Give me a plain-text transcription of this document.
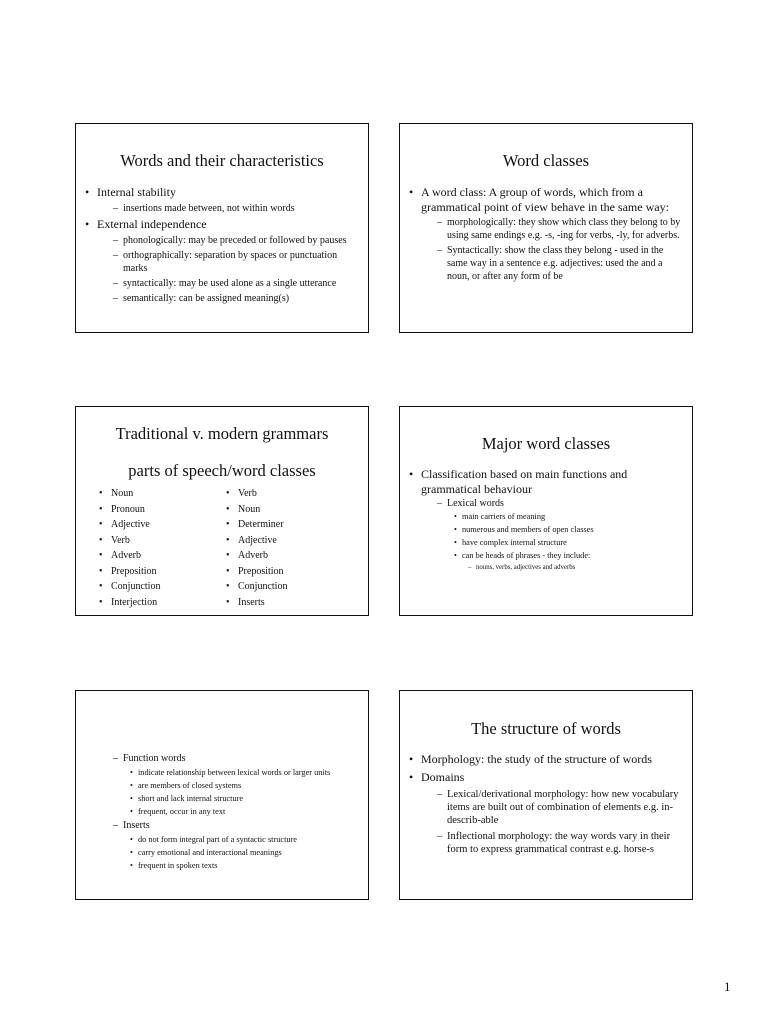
Words and their characteristics
• Internal stability
– insertions made between, not within words
• External independence
– phonologically: may be preceded or followed by pauses
– orthographically: separation by spaces or punctuation marks
– syntactically: may be used alone as a single utterance
– semantically: can be assigned meaning(s)
Word classes
• A word class: A group of words, which from a grammatical point of view behave in the same way:
– morphologically: they show which class they belong to by using same endings e.g. -s, -ing for verbs, -ly, for adverbs.
– Syntactically: show the class they belong - used in the same way in a sentence e.g. adjectives: used the and a noun, or after any form of be
Traditional v. modern grammars
parts of speech/word classes
• Noun
• Pronoun
• Adjective
• Verb
• Adverb
• Preposition
• Conjunction
• Interjection
• Verb
• Noun
• Determiner
• Adjective
• Adverb
• Preposition
• Conjunction
• Inserts
Major word classes
• Classification based on main functions and grammatical behaviour
– Lexical words
• main carriers of meaning
• numerous and members of open classes
• have complex internal structure
• can be heads of phrases - they include:
– nouns, verbs, adjectives and adverbs
– Function words
• indicate relationship between lexical words or larger units
• are members of closed systems
• short and lack internal structure
• frequent, occur in any text
– Inserts
• do not form integral part of a syntactic structure
• carry emotional and interactional meanings
• frequent in spoken texts
The structure of words
• Morphology: the study of the structure of words
• Domains
– Lexical/derivational morphology: how new vocabulary items are built out of combination of elements e.g. in-describ-able
– Inflectional morphology: the way words vary in their form to express grammatical contrast e.g. horse-s
1
